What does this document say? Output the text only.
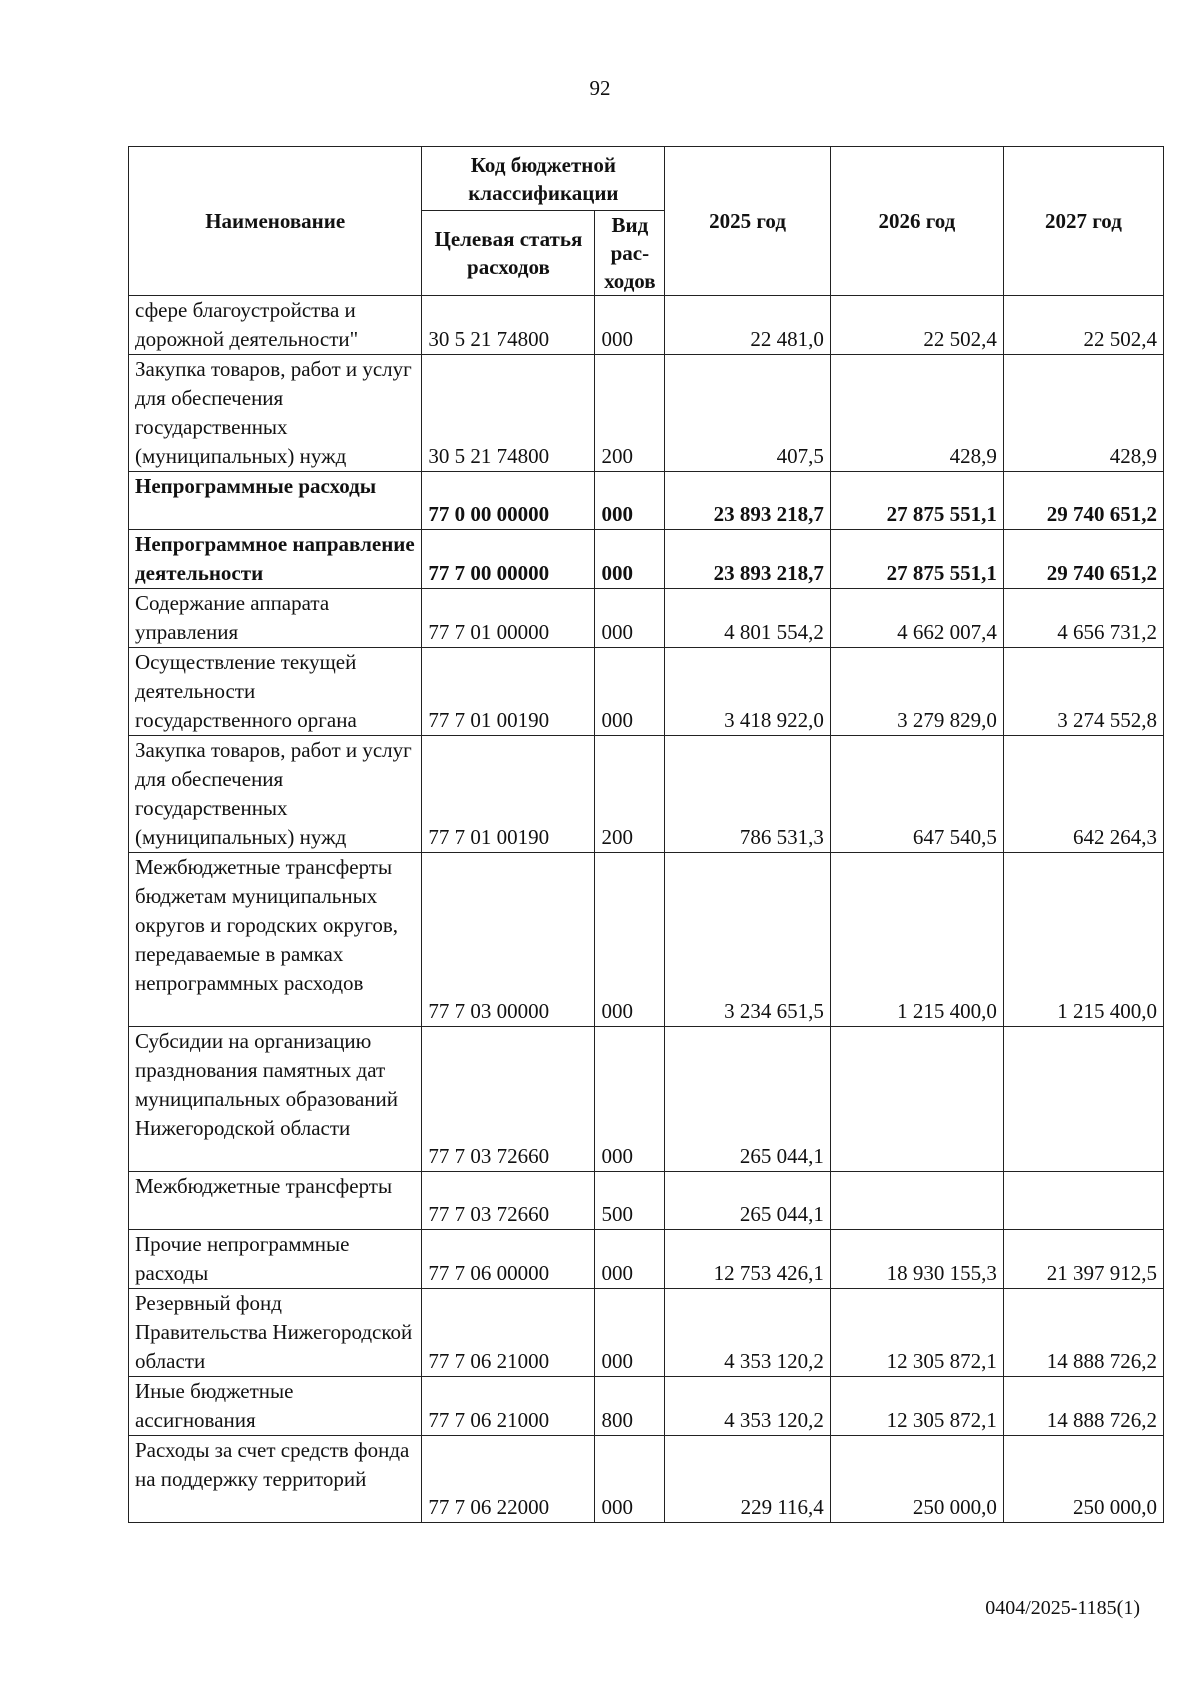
92
Наименование	Код бюджетной классификации		2025 год	2026 год	2027 год
	Целевая статья расходов	Вид рас-ходов			
сфере благоустройства и дорожной деятельности"	30 5 21 74800	000	22 481,0	22 502,4	22 502,4
Закупка товаров, работ и услуг для обеспечения государственных (муниципальных) нужд	30 5 21 74800	200	407,5	428,9	428,9
Непрограммные расходы	77 0 00 00000	000	23 893 218,7	27 875 551,1	29 740 651,2
Непрограммное направление деятельности	77 7 00 00000	000	23 893 218,7	27 875 551,1	29 740 651,2
Содержание аппарата управления	77 7 01 00000	000	4 801 554,2	4 662 007,4	4 656 731,2
Осуществление текущей деятельности государственного органа	77 7 01 00190	000	3 418 922,0	3 279 829,0	3 274 552,8
Закупка товаров, работ и услуг для обеспечения государственных (муниципальных) нужд	77 7 01 00190	200	786 531,3	647 540,5	642 264,3
Межбюджетные трансферты бюджетам муниципальных округов и городских округов, передаваемые в рамках непрограммных расходов	77 7 03 00000	000	3 234 651,5	1 215 400,0	1 215 400,0
Субсидии на организацию празднования памятных дат муниципальных образований Нижегородской области	77 7 03 72660	000	265 044,1		
Межбюджетные трансферты	77 7 03 72660	500	265 044,1		
Прочие непрограммные расходы	77 7 06 00000	000	12 753 426,1	18 930 155,3	21 397 912,5
Резервный фонд Правительства Нижегородской области	77 7 06 21000	000	4 353 120,2	12 305 872,1	14 888 726,2
Иные бюджетные ассигнования	77 7 06 21000	800	4 353 120,2	12 305 872,1	14 888 726,2
Расходы за счет средств фонда на поддержку территорий	77 7 06 22000	000	229 116,4	250 000,0	250 000,0
0404/2025-1185(1)
